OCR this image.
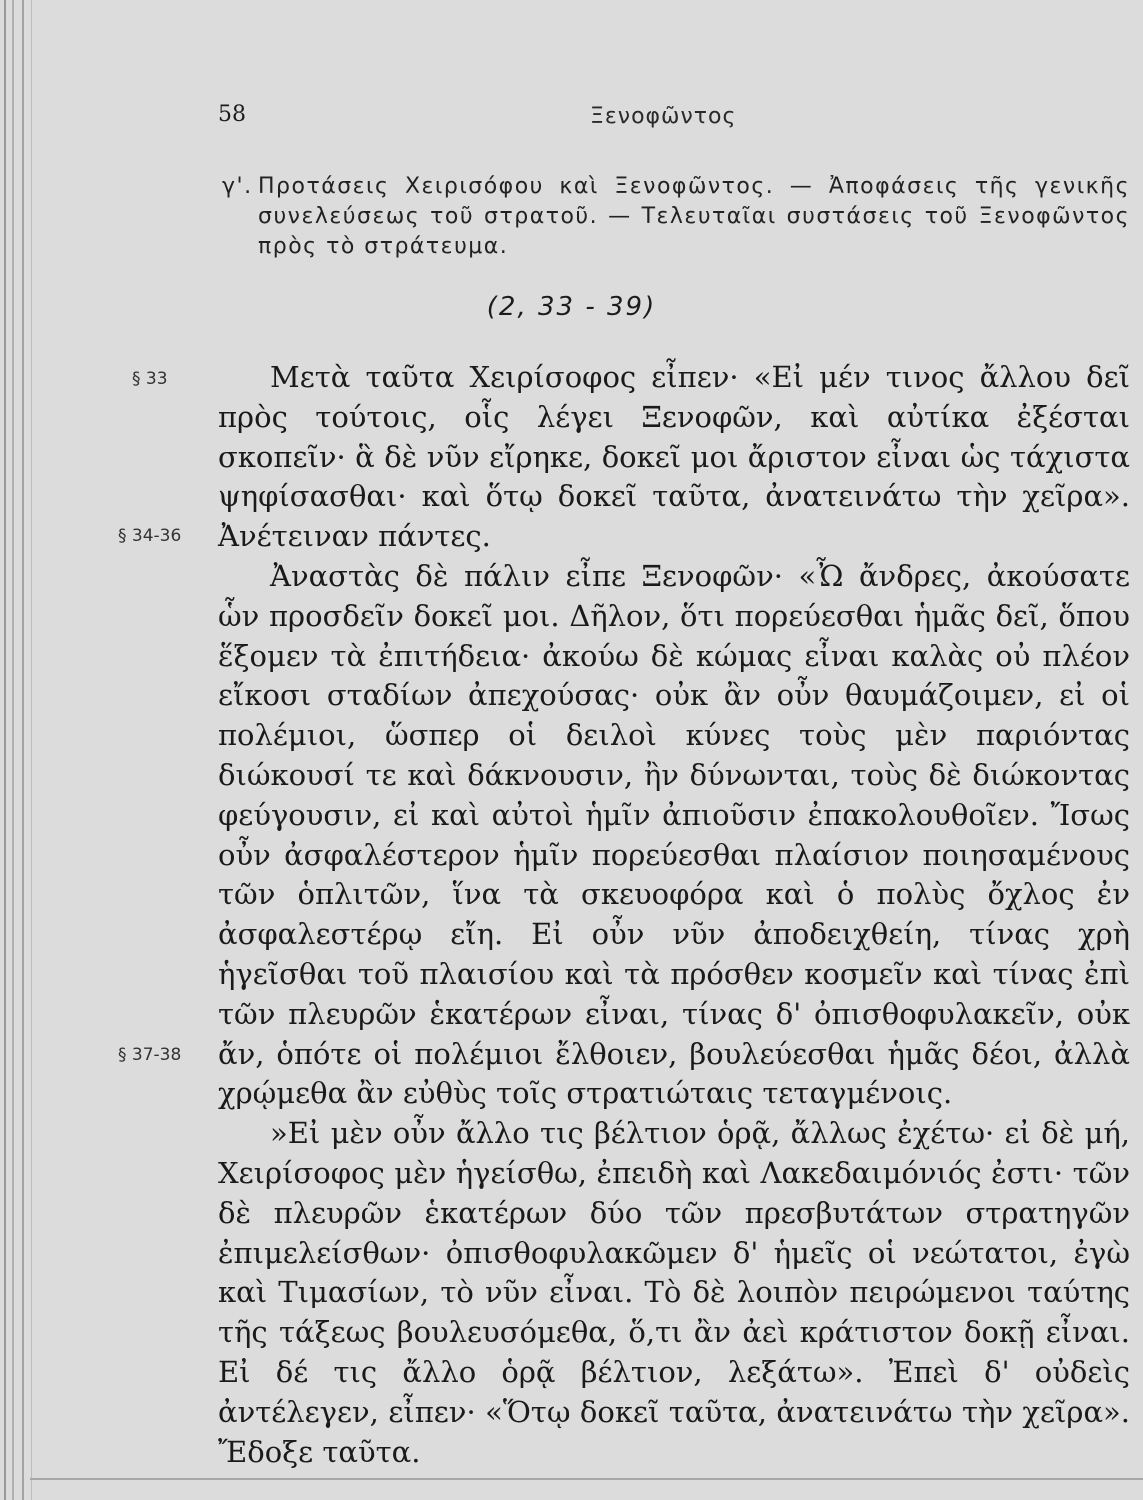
58	Ξενοφῶντος
γ'. Προτάσεις Χειρισόφου καὶ Ξενοφῶντος. — Ἀποφάσεις τῆς γενικῆς συνελεύσεως τοῦ στρατοῦ. — Τελευταῖαι συστάσεις τοῦ Ξενοφῶντος πρὸς τὸ στράτευμα.
(2, 33 - 39)
§ 33
§ 34-36
§ 37-38

Μετὰ ταῦτα Χειρίσοφος εἶπεν· «Εἰ μέν τινος ἄλλου δεῖ πρὸς τούτοις, οἷς λέγει Ξενοφῶν, καὶ αὐτίκα ἐξέσται σκοπεῖν· ἃ δὲ νῦν εἴρηκε, δοκεῖ μοι ἄριστον εἶναι ὡς τάχιστα ψηφίσασθαι· καὶ ὅτῳ δοκεῖ ταῦτα, ἀνατεινάτω τὴν χεῖρα». Ἀνέτειναν πάντες.

Ἀναστὰς δὲ πάλιν εἶπε Ξενοφῶν· «Ὦ ἄνδρες, ἀκούσατε ὧν προσδεῖν δοκεῖ μοι. Δῆλον, ὅτι πορεύεσθαι ἡμᾶς δεῖ, ὅπου ἕξομεν τὰ ἐπιτήδεια· ἀκούω δὲ κώμας εἶναι καλὰς οὐ πλέον εἴκοσι σταδίων ἀπεχούσας· οὐκ ἂν οὖν θαυμάζοιμεν, εἰ οἱ πολέμιοι, ὥσπερ οἱ δειλοὶ κύνες τοὺς μὲν παριόντας διώκουσί τε καὶ δάκνουσιν, ἢν δύνωνται, τοὺς δὲ διώκοντας φεύγουσιν, εἰ καὶ αὐτοὶ ἡμῖν ἀπιοῦσιν ἐπακολουθοῖεν. Ἴσως οὖν ἀσφαλέστερον ἡμῖν πορεύεσθαι πλαίσιον ποιησαμένους τῶν ὁπλιτῶν, ἵνα τὰ σκευοφόρα καὶ ὁ πολὺς ὄχλος ἐν ἀσφαλεστέρῳ εἴη. Εἰ οὖν νῦν ἀποδειχθείη, τίνας χρὴ ἡγεῖσθαι τοῦ πλαισίου καὶ τὰ πρόσθεν κοσμεῖν καὶ τίνας ἐπὶ τῶν πλευρῶν ἑκατέρων εἶναι, τίνας δ' ὀπισθοφυλακεῖν, οὐκ ἄν, ὁπότε οἱ πολέμιοι ἔλθοιεν, βουλεύεσθαι ἡμᾶς δέοι, ἀλλὰ χρῴμεθα ἂν εὐθὺς τοῖς στρατιώταις τεταγμένοις.

»Εἰ μὲν οὖν ἄλλο τις βέλτιον ὁρᾷ, ἄλλως ἐχέτω· εἰ δὲ μή, Χειρίσοφος μὲν ἡγείσθω, ἐπειδὴ καὶ Λακεδαιμόνιός ἐστι· τῶν δὲ πλευρῶν ἑκατέρων δύο τῶν πρεσβυτάτων στρατηγῶν ἐπιμελείσθων· ὀπισθοφυλακῶμεν δ' ἡμεῖς οἱ νεώτατοι, ἐγὼ καὶ Τιμασίων, τὸ νῦν εἶναι. Τὸ δὲ λοιπὸν πειρώμενοι ταύτης τῆς τάξεως βουλευσόμεθα, ὅ,τι ἂν ἀεὶ κράτιστον δοκῇ εἶναι. Εἰ δέ τις ἄλλο ὁρᾷ βέλτιον, λεξάτω». Ἐπεὶ δ' οὐδεὶς ἀντέλεγεν, εἶπεν· «Ὅτῳ δοκεῖ ταῦτα, ἀνατεινάτω τὴν χεῖρα». Ἔδοξε ταῦτα.
